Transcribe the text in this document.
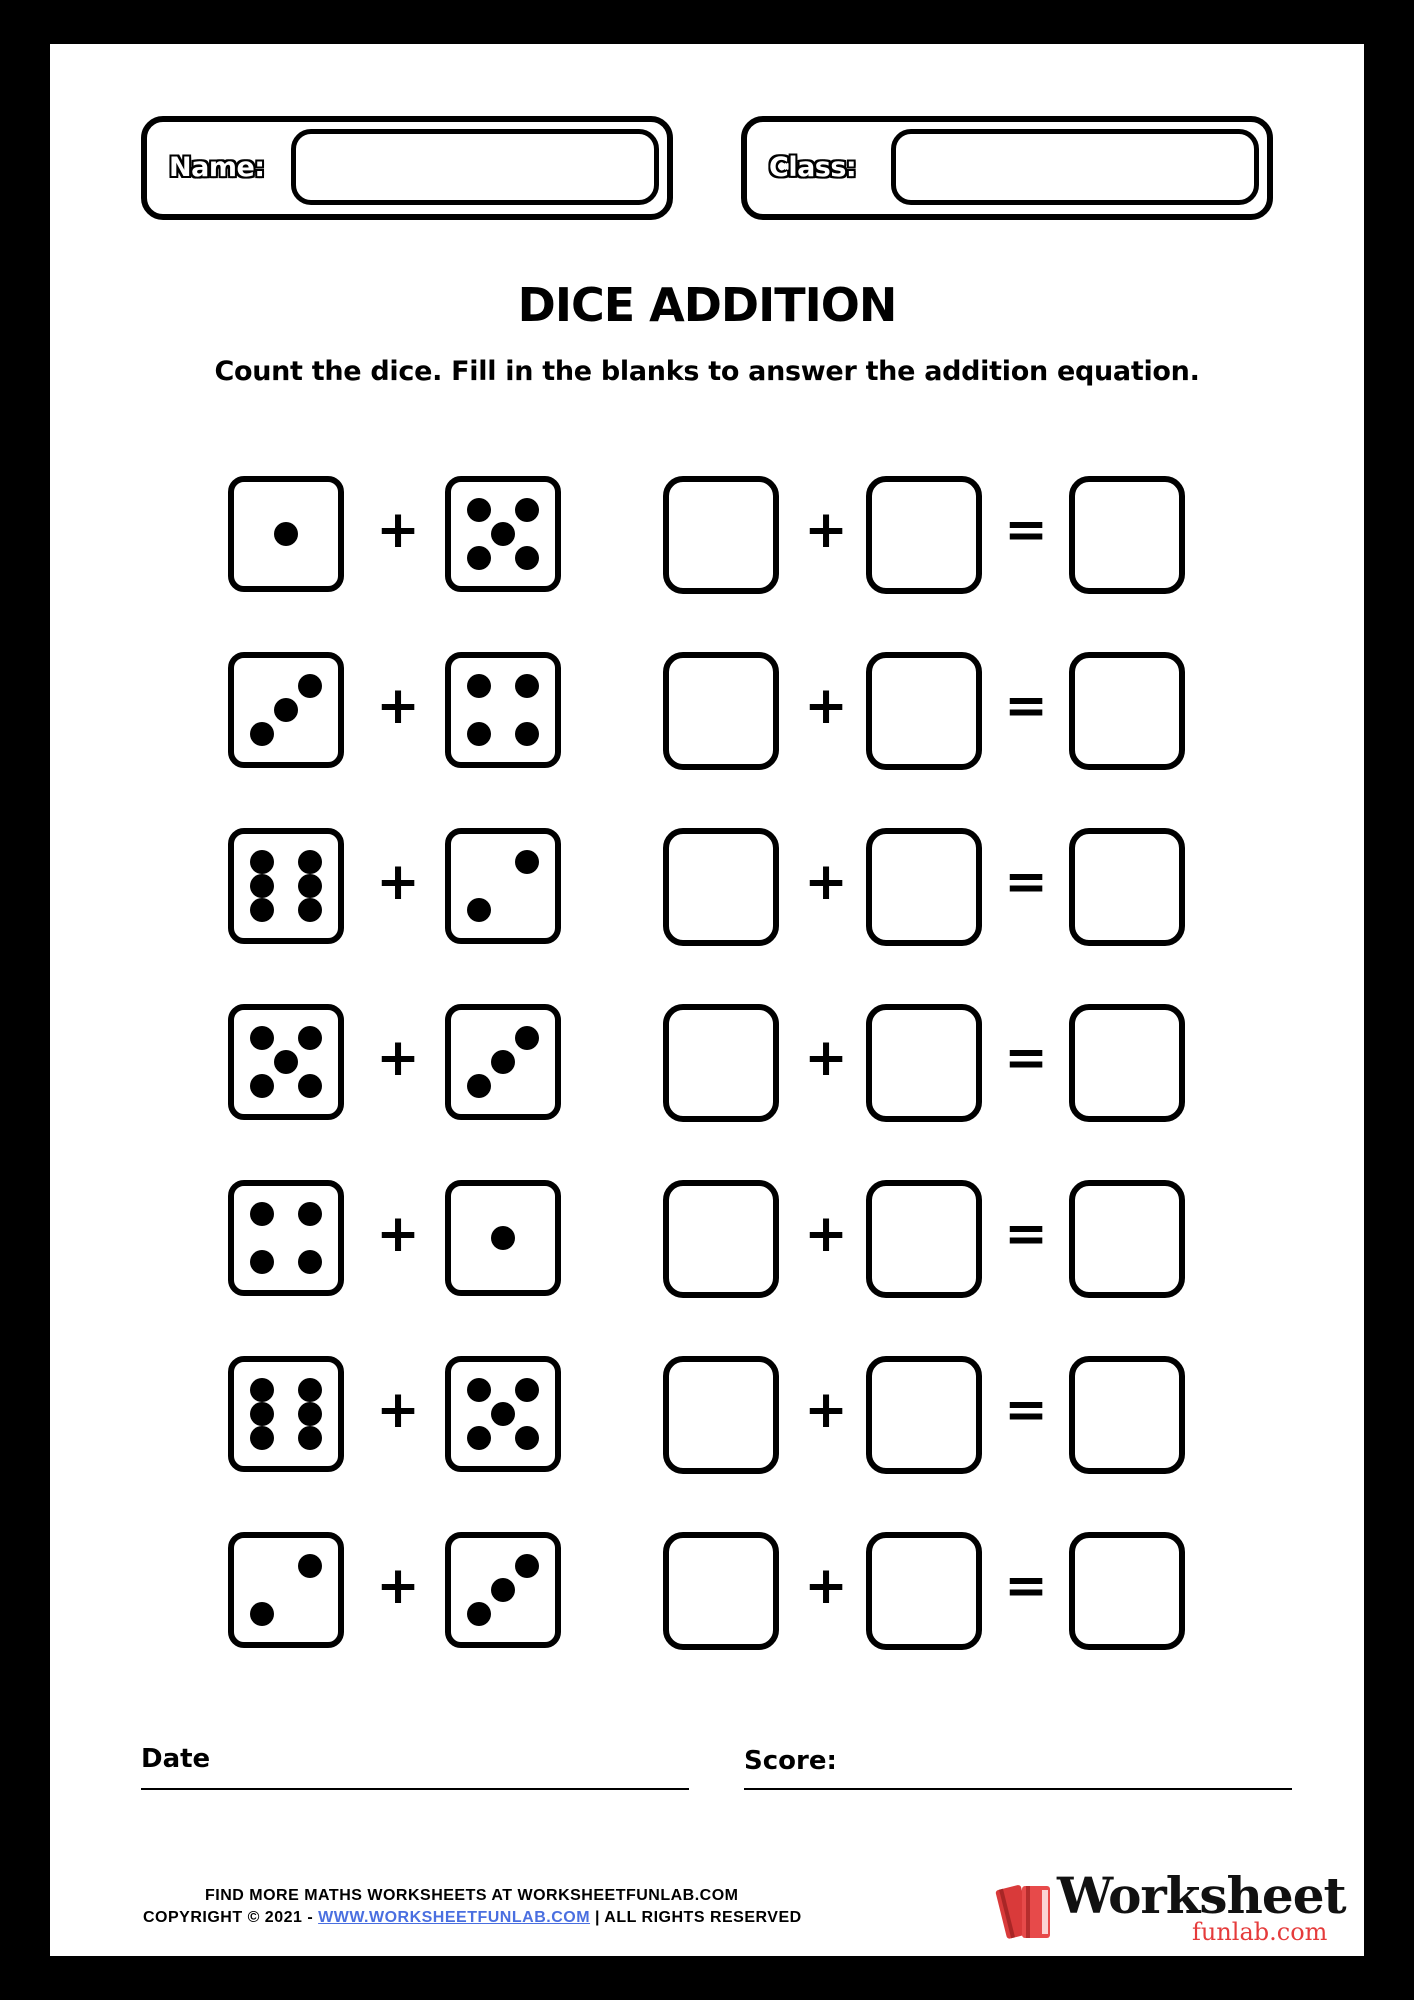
Name:	Class:
DICE ADDITION
Count the dice. Fill in the blanks to answer the addition equation.
+	+	=
+	+	=
+	+	=
+	+	=
+	+	=
+	+	=
+	+	=
Date	Score:
FIND MORE MATHS WORKSHEETS AT WORKSHEETFUNLAB.COM
COPYRIGHT © 2021 - WWW.WORKSHEETFUNLAB.COM | ALL RIGHTS RESERVED	Worksheet
funlab.com
